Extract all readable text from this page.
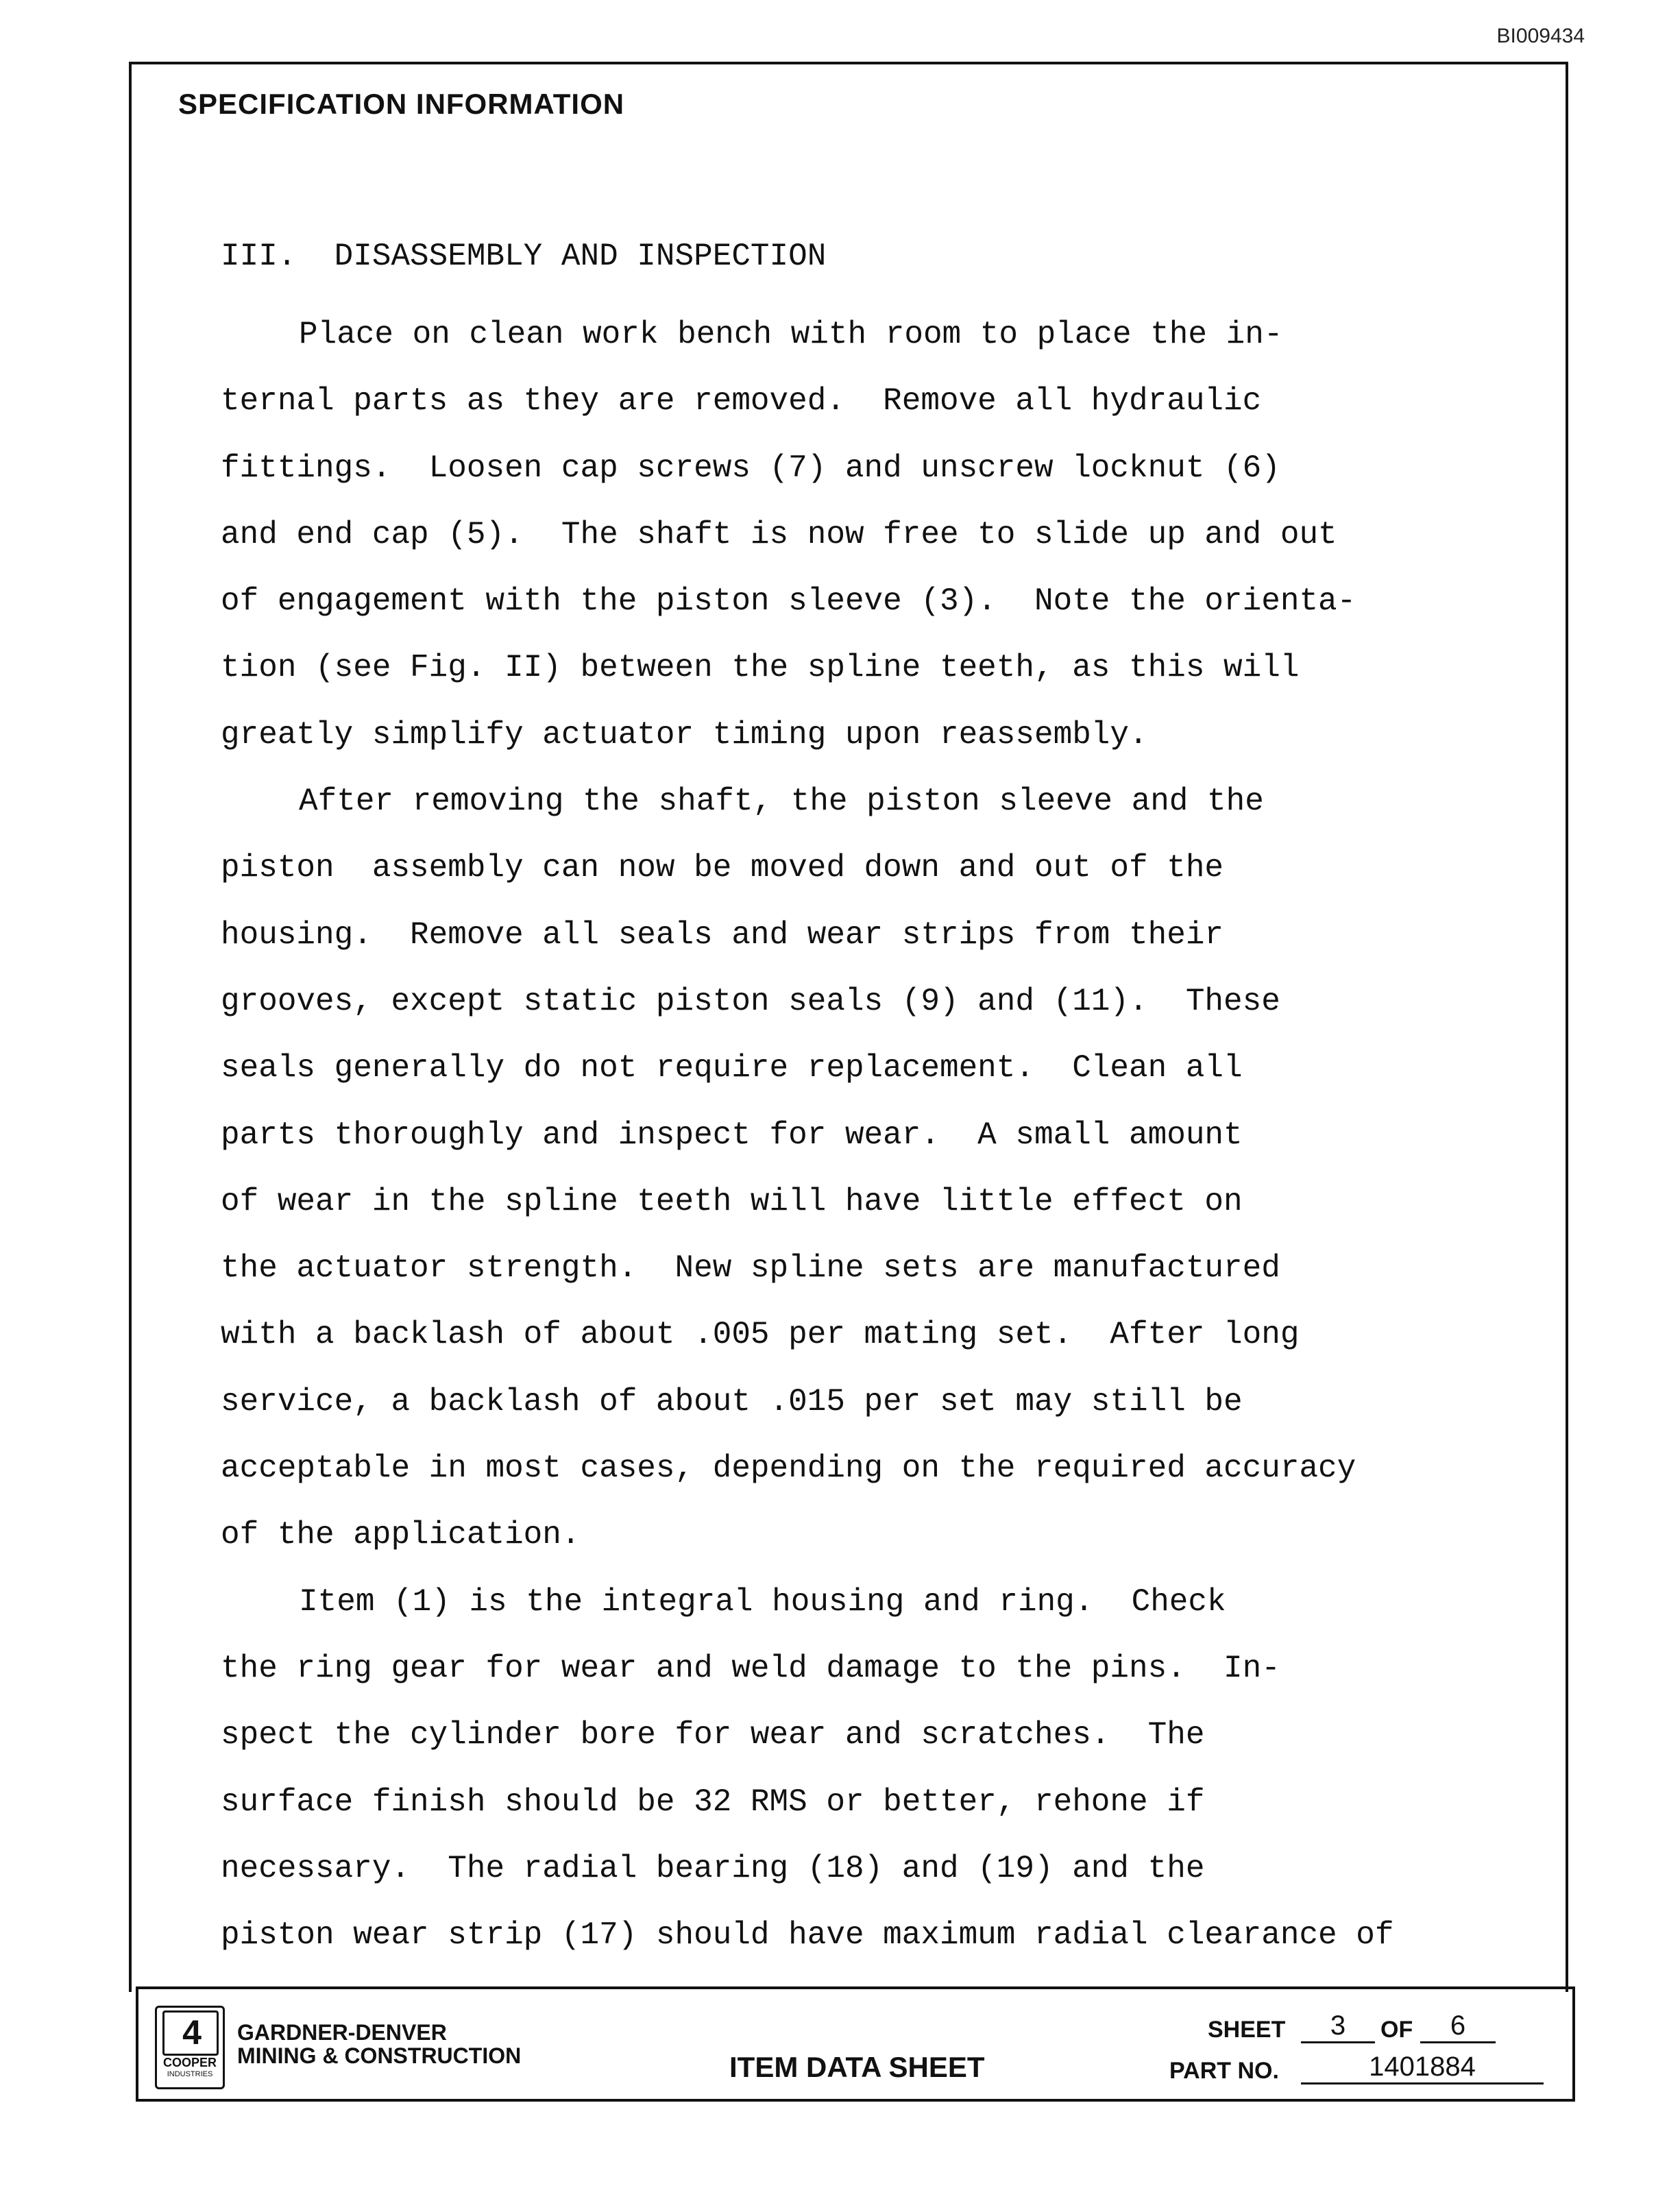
BI009434
SPECIFICATION INFORMATION
III.  DISASSEMBLY AND INSPECTION
Place on clean work bench with room to place the in-
ternal parts as they are removed.  Remove all hydraulic
fittings.  Loosen cap screws (7) and unscrew locknut (6)
and end cap (5).  The shaft is now free to slide up and out
of engagement with the piston sleeve (3).  Note the orienta-
tion (see Fig. II) between the spline teeth, as this will
greatly simplify actuator timing upon reassembly.
After removing the shaft, the piston sleeve and the
piston  assembly can now be moved down and out of the
housing.  Remove all seals and wear strips from their
grooves, except static piston seals (9) and (11).  These
seals generally do not require replacement.  Clean all
parts thoroughly and inspect for wear.  A small amount
of wear in the spline teeth will have little effect on
the actuator strength.  New spline sets are manufactured
with a backlash of about .005 per mating set.  After long
service, a backlash of about .015 per set may still be
acceptable in most cases, depending on the required accuracy
of the application.
Item (1) is the integral housing and ring.  Check
the ring gear for wear and weld damage to the pins.  In-
spect the cylinder bore for wear and scratches.  The
surface finish should be 32 RMS or better, rehone if
necessary.  The radial bearing (18) and (19) and the
piston wear strip (17) should have maximum radial clearance of
4
COOPER
INDUSTRIES
GARDNER-DENVER
MINING & CONSTRUCTION	ITEM DATA SHEET
SHEET	3	OF	6
PART NO.	1401884
